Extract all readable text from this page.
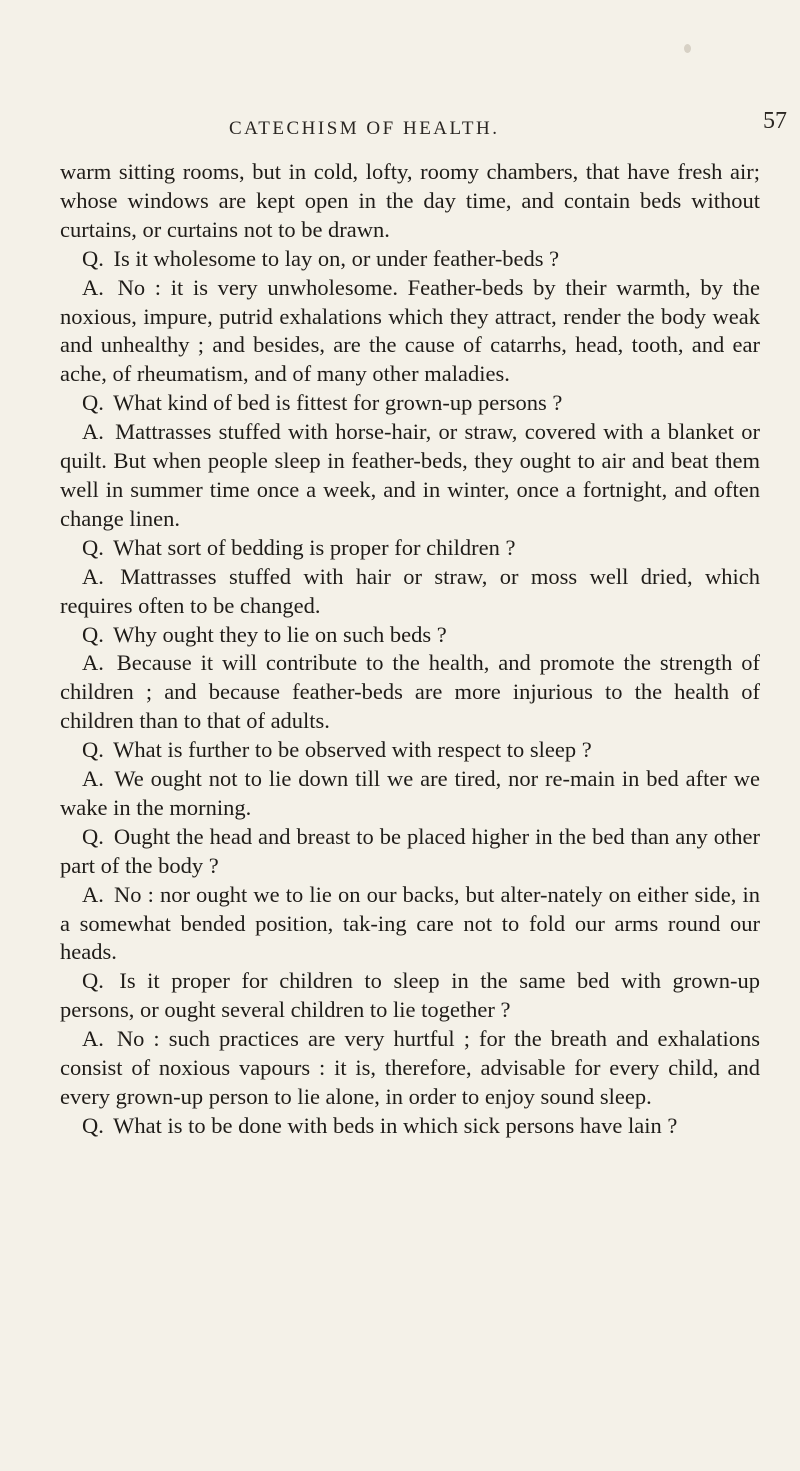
CATECHISM OF HEALTH.	57

warm sitting rooms, but in cold, lofty, roomy chambers, that have fresh air; whose windows are kept open in the day time, and contain beds without curtains, or curtains not to be drawn.

Q. Is it wholesome to lay on, or under feather-beds ?

A. No : it is very unwholesome. Feather-beds by their warmth, by the noxious, impure, putrid exhalations which they attract, render the body weak and unhealthy ; and besides, are the cause of catarrhs, head, tooth, and ear ache, of rheumatism, and of many other maladies.

Q. What kind of bed is fittest for grown-up persons ?

A. Mattrasses stuffed with horse-hair, or straw, covered with a blanket or quilt. But when people sleep in feather-beds, they ought to air and beat them well in summer time once a week, and in winter, once a fortnight, and often change linen.

Q. What sort of bedding is proper for children ?

A. Mattrasses stuffed with hair or straw, or moss well dried, which requires often to be changed.

Q. Why ought they to lie on such beds ?

A. Because it will contribute to the health, and promote the strength of children ; and because feather-beds are more injurious to the health of children than to that of adults.

Q. What is further to be observed with respect to sleep ?

A. We ought not to lie down till we are tired, nor re-main in bed after we wake in the morning.

Q. Ought the head and breast to be placed higher in the bed than any other part of the body ?

A. No : nor ought we to lie on our backs, but alter-nately on either side, in a somewhat bended position, tak-ing care not to fold our arms round our heads.

Q. Is it proper for children to sleep in the same bed with grown-up persons, or ought several children to lie together ?

A. No : such practices are very hurtful ; for the breath and exhalations consist of noxious vapours : it is, therefore, advisable for every child, and every grown-up person to lie alone, in order to enjoy sound sleep.

Q. What is to be done with beds in which sick persons have lain ?
